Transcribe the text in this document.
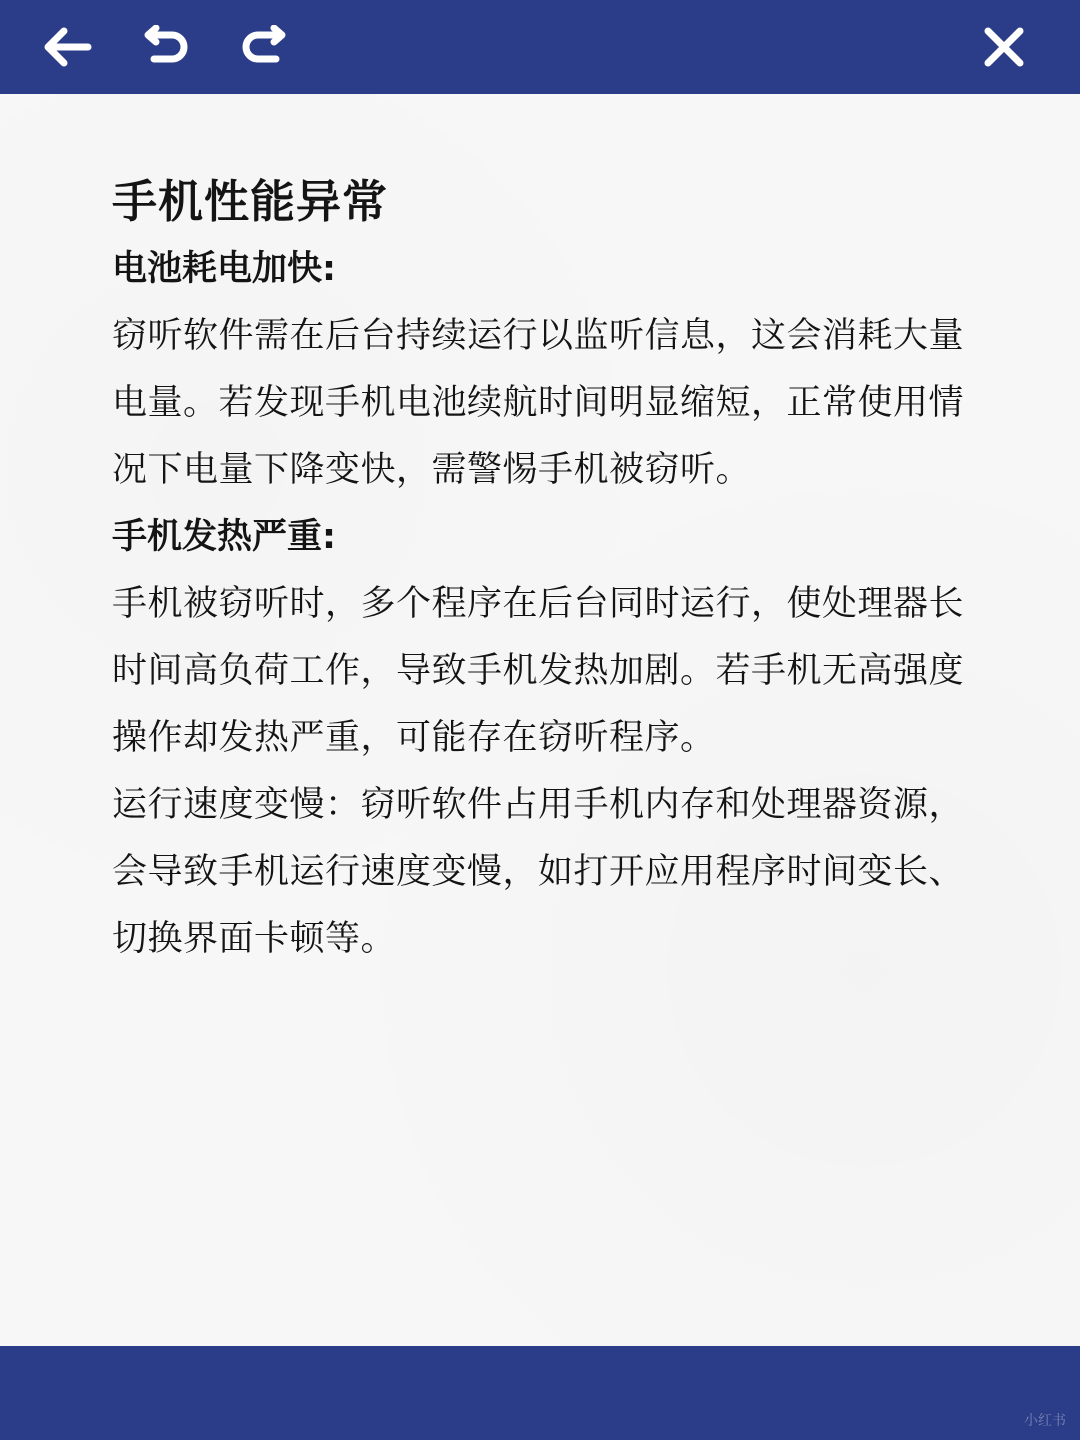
手机性能异常

电池耗电加快:

窃听软件需在后台持续运行以监听信息，这会消耗大量电量。若发现手机电池续航时间明显缩短，正常使用情况下电量下降变快，需警惕手机被窃听。

手机发热严重:

手机被窃听时，多个程序在后台同时运行，使处理器长时间高负荷工作，导致手机发热加剧。若手机无高强度操作却发热严重，可能存在窃听程序。

运行速度变慢：窃听软件占用手机内存和处理器资源，会导致手机运行速度变慢，如打开应用程序时间变长、切换界面卡顿等。

小红书
